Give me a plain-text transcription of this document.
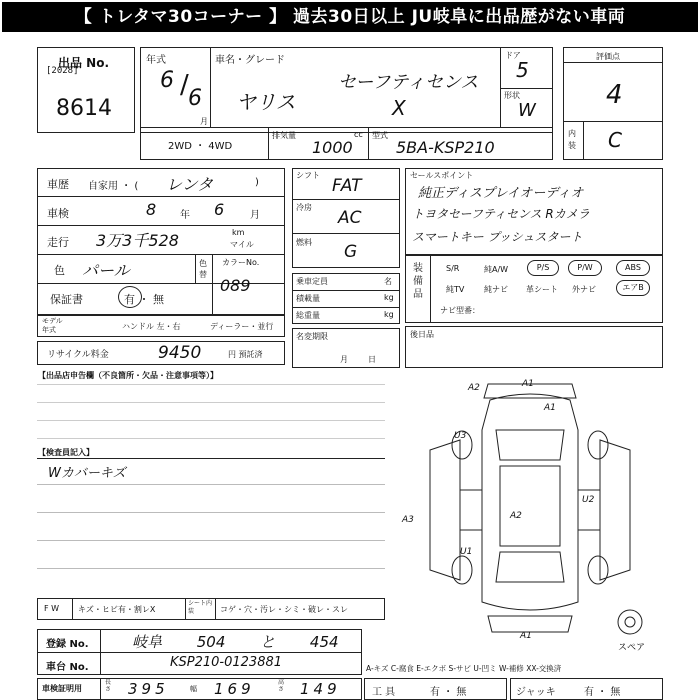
【 トレタマ30コーナー 】 過去30日以上 JU岐阜に出品歴がない車両
出品 No.
[2028]
8614
年式
6 / 6
月
車名・グレード
ヤリス
セーフティセンス
X
ドア
5
形状
W
評価点
4
内装 C
2WD ・ 4WD
排気量	cc
1000
型式
5BA-KSP210
車歴 自家用 ・ ( レンタ	)
車検	8 年 6	月
走行 3万3千528	km
マイル
色 パール	色替
カラーNo.
089
保証書	有 ・ 無
モデル
年式	ハンドル 左・右	ディーラー・並行
リサイクル料金	9450	円 預託済
シフト
FAT
冷房
AC
燃料 G
乗車定員	名
積載量	kg
総重量	kg
名変期限
月日
セールスポイント
純正ディスプレイオーディオ
トヨタセーフティセンス Rカメラ
スマートキー プッシュスタート
装備品
S/R	純A/W	P/S	P/W	ABS
純TV 純ナビ 革シート 外ナビ	エアB
ナビ型番：
後日品
【出品店申告欄（不良箇所・欠品・注意事項等）】
【検査員記入】
Wカバーキズ
F W キズ・ヒビ有・割レX
シート内装	コゲ・穴・汚レ・シミ・破レ・スレ
登録 No.	岐阜 504 と 454
車台 No.	KSP210-0123881
車検証明用
長さ 395	幅 169	高さ 149
A-キズ C-腐食 E-エクボ S-サビ U-凹ミ W-補修 XX-交換済
工 具	有 ・ 無	ジャッキ	有 ・ 無
A2	A1
U3
A3
U2
A2
U1
A1
A1
スペア
